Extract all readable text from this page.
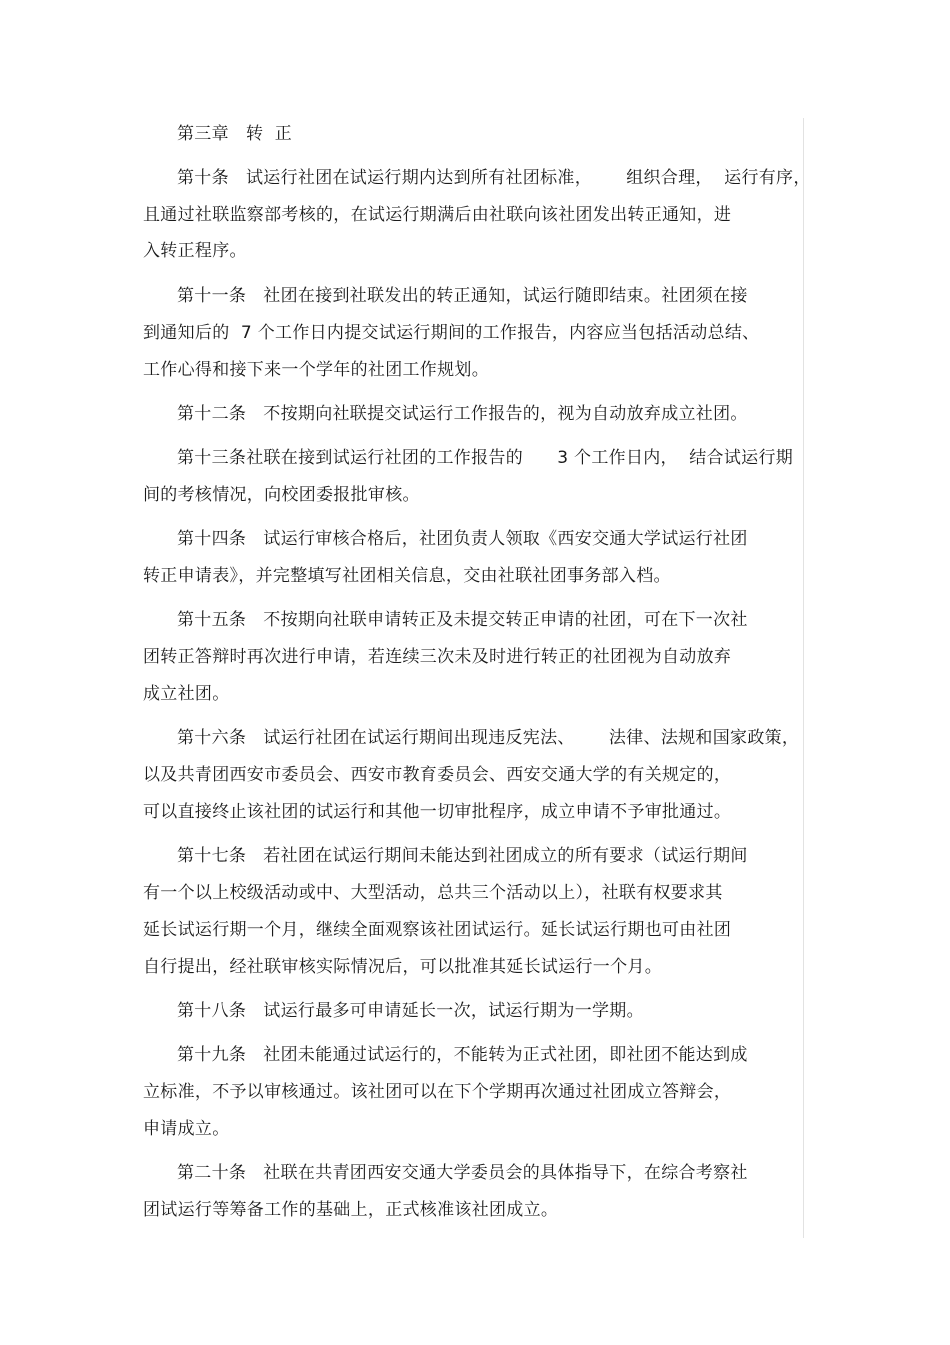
第三章   转  正
第十条   试运行社团在试运行期内达到所有社团标准，      组织合理，  运行有序，
且通过社联监察部考核的，在试运行期满后由社联向该社团发出转正通知，进
入转正程序。
第十一条   社团在接到社联发出的转正通知，试运行随即结束。社团须在接
到通知后的  7 个工作日内提交试运行期间的工作报告，内容应当包括活动总结、
工作心得和接下来一个学年的社团工作规划。
第十二条   不按期向社联提交试运行工作报告的，视为自动放弃成立社团。
第十三条社联在接到试运行社团的工作报告的      3 个工作日内，  结合试运行期
间的考核情况，向校团委报批审核。
第十四条   试运行审核合格后，社团负责人领取《西安交通大学试运行社团
转正申请表》，并完整填写社团相关信息，交由社联社团事务部入档。
第十五条   不按期向社联申请转正及未提交转正申请的社团，可在下一次社
团转正答辩时再次进行申请，若连续三次未及时进行转正的社团视为自动放弃
成立社团。
第十六条   试运行社团在试运行期间出现违反宪法、      法律、法规和国家政策，
以及共青团西安市委员会、西安市教育委员会、西安交通大学的有关规定的，
可以直接终止该社团的试运行和其他一切审批程序，成立申请不予审批通过。
第十七条   若社团在试运行期间未能达到社团成立的所有要求（试运行期间
有一个以上校级活动或中、大型活动，总共三个活动以上），社联有权要求其
延长试运行期一个月，继续全面观察该社团试运行。延长试运行期也可由社团
自行提出，经社联审核实际情况后，可以批准其延长试运行一个月。
第十八条   试运行最多可申请延长一次，试运行期为一学期。
第十九条   社团未能通过试运行的，不能转为正式社团，即社团不能达到成
立标准，不予以审核通过。该社团可以在下个学期再次通过社团成立答辩会，
申请成立。
第二十条   社联在共青团西安交通大学委员会的具体指导下，在综合考察社
团试运行等筹备工作的基础上，正式核准该社团成立。
